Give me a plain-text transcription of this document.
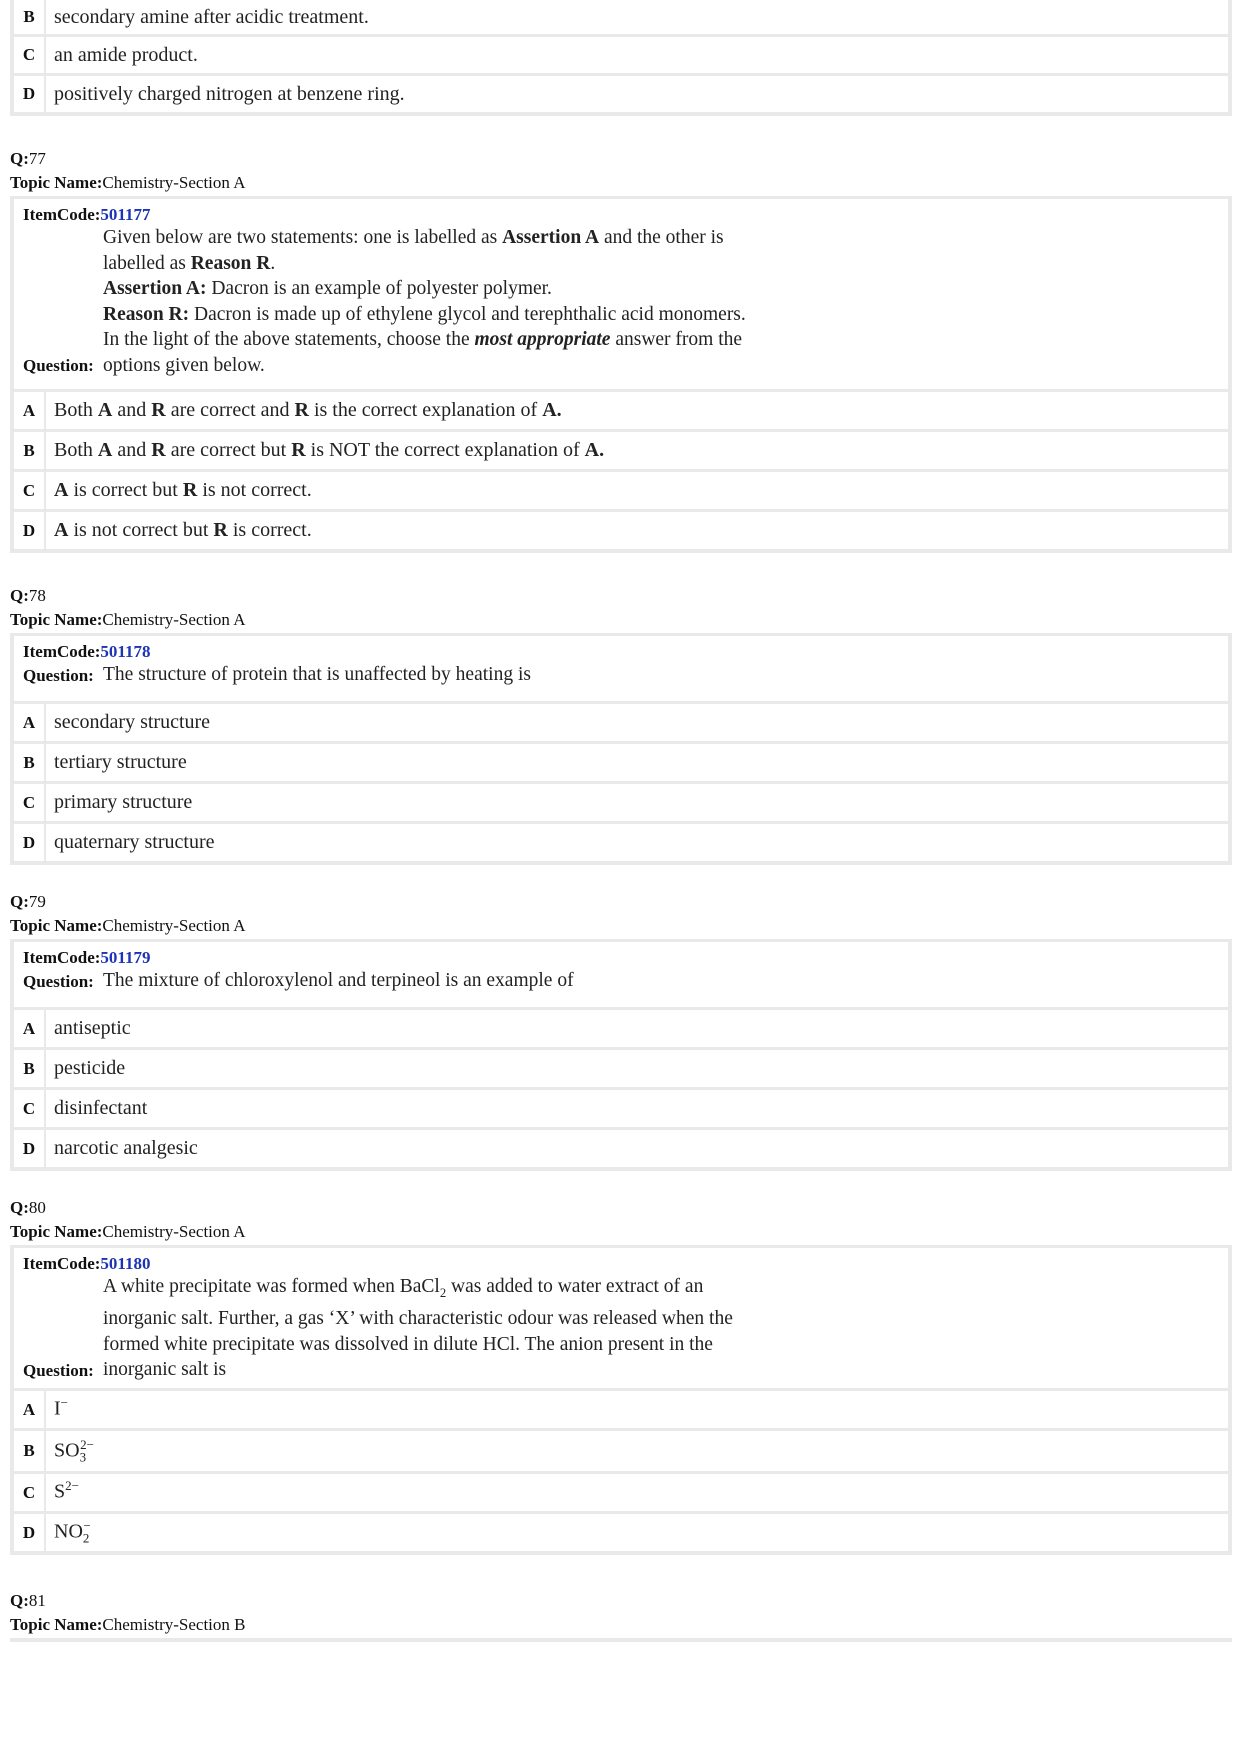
B secondary amine after acidic treatment.
C an amide product.
D positively charged nitrogen at benzene ring.
Q:77
Topic Name:Chemistry-Section A
ItemCode:501177
Question:

Given below are two statements: one is labelled as Assertion A and the other is

labelled as Reason R.

Assertion A: Dacron is an example of polyester polymer.

Reason R: Dacron is made up of ethylene glycol and terephthalic acid monomers.

In the light of the above statements, choose the most appropriate answer from the

options given below.

A Both A and R are correct and R is the correct explanation of A.
B Both A and R are correct but R is NOT the correct explanation of A.
C A is correct but R is not correct.
D A is not correct but R is correct.
Q:78
Topic Name:Chemistry-Section A
ItemCode:501178
Question: The structure of protein that is unaffected by heating is
A secondary structure
B tertiary structure
C primary structure
D quaternary structure
Q:79
Topic Name:Chemistry-Section A
ItemCode:501179
Question: The mixture of chloroxylenol and terpineol is an example of
A antiseptic
B pesticide
C disinfectant
D narcotic analgesic
Q:80
Topic Name:Chemistry-Section A
ItemCode:501180
Question:

A white precipitate was formed when BaCl$_2$ was added to water extract of an

inorganic salt. Further, a gas ‘X’ with characteristic odour was released when the

formed white precipitate was dissolved in dilute HCl. The anion present in the

inorganic salt is

A I−
B $SO_3^{2-}$
C $S^{2-}$
D $NO_2^-$
Q:81
Topic Name:Chemistry-Section B
